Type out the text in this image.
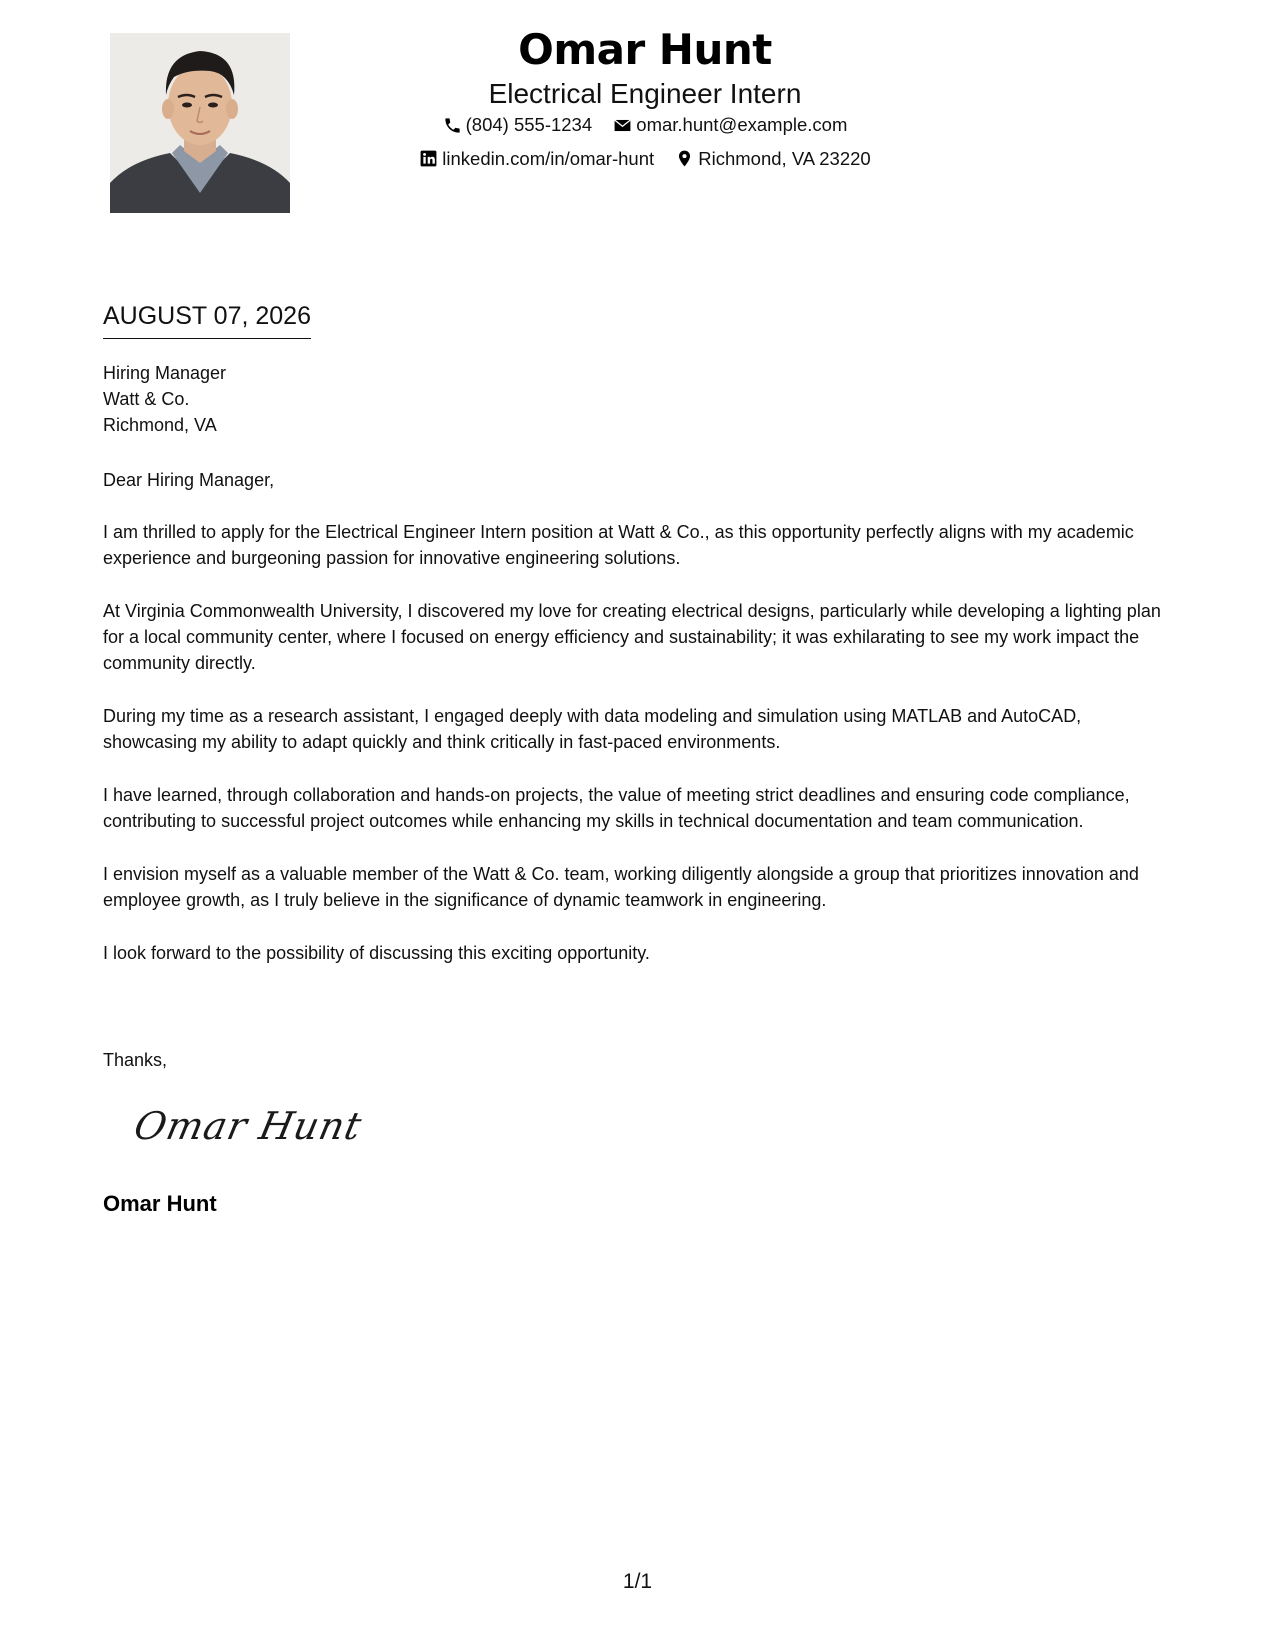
Omar Hunt
Electrical Engineer Intern
(804) 555-1234
omar.hunt@example.com
linkedin.com/in/omar-hunt
Richmond, VA 23220
AUGUST 07, 2026
Hiring Manager
Watt & Co.
Richmond, VA

Dear Hiring Manager,

I am thrilled to apply for the Electrical Engineer Intern position at Watt & Co., as this opportunity perfectly aligns with my academic experience and burgeoning passion for innovative engineering solutions.

At Virginia Commonwealth University, I discovered my love for creating electrical designs, particularly while developing a lighting plan for a local community center, where I focused on energy efficiency and sustainability; it was exhilarating to see my work impact the community directly.

During my time as a research assistant, I engaged deeply with data modeling and simulation using MATLAB and AutoCAD, showcasing my ability to adapt quickly and think critically in fast-paced environments.

I have learned, through collaboration and hands-on projects, the value of meeting strict deadlines and ensuring code compliance, contributing to successful project outcomes while enhancing my skills in technical documentation and team communication.

I envision myself as a valuable member of the Watt & Co. team, working diligently alongside a group that prioritizes innovation and employee growth, as I truly believe in the significance of dynamic teamwork in engineering.

I look forward to the possibility of discussing this exciting opportunity.

Thanks,
Omar Hunt
Omar Hunt
1/1
